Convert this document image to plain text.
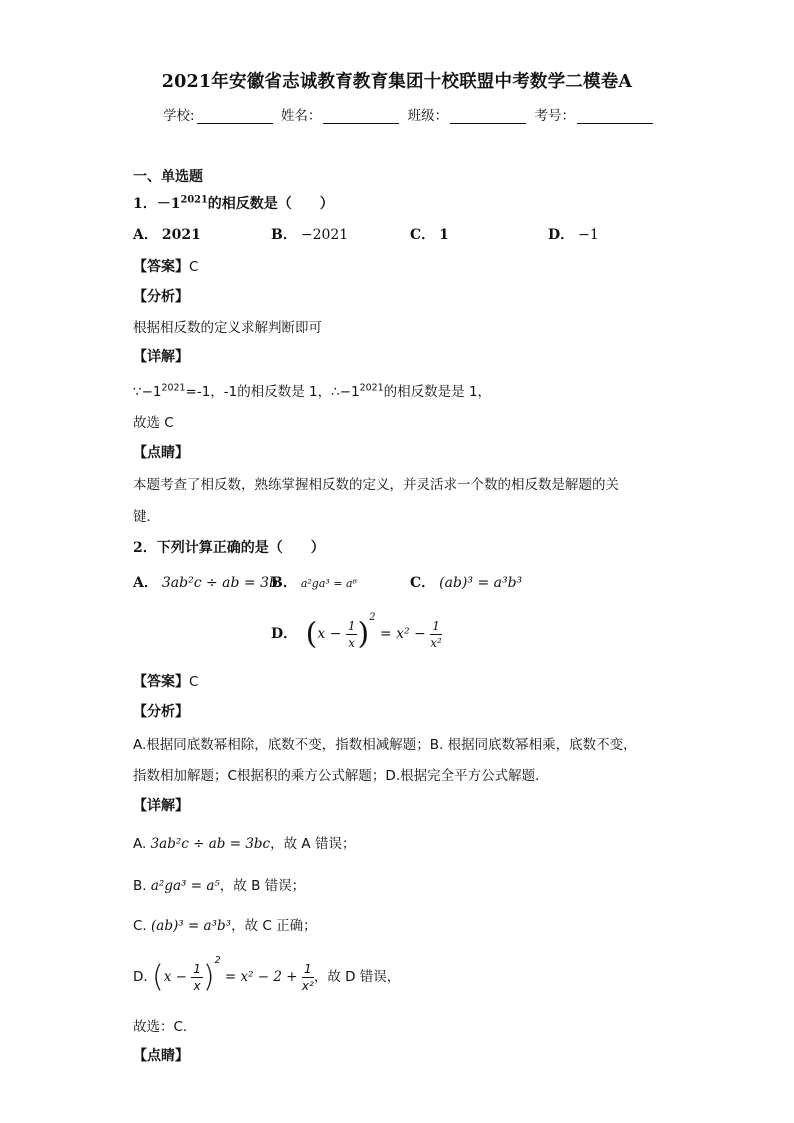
2021年安徽省志诚教育教育集团十校联盟中考数学二模卷A
学校:	姓名：	班级：	考号：
一、单选题
1．$-1^{2021}$的相反数是（　　）
A． 2021	B． −2021	C． 1	D． −1
【答案】C
【分析】
根据相反数的定义求解判断即可
【详解】
$\because-1^{2021}=-1$，-1的相反数是 1，$\therefore-1^{2021}$的相反数是是 1，
故选 C
【点睛】
本题考查了相反数，熟练掌握相反数的定义，并灵活求一个数的相反数是解题的关
键．
2．下列计算正确的是（　　）
A． 3ab²c ÷ ab = 3b
B． a²ga³ = a⁶	C． (ab)³ = a³b³
D． $(x - \frac{1}{x} )^2 = x^2 - \frac{1}{\text{x²}}$
【答案】C
【分析】
A.根据同底数幂相除，底数不变，指数相减解题；B. 根据同底数幂相乘，底数不变，
指数相加解题；C根据积的乘方公式解题；D.根据完全平方公式解题．
【详解】
A. 3ab²c ÷ ab = 3bc，故 A 错误；
B. a²ga³ = a⁵，故 B 错误；
C. (ab)³ = a³b³，故 C 正确；
D. $(x - \frac{1}{x} )^2 = x^2 - 2 + \frac{1}{\text{x²}}$ ，故 D 错误，
故选：C．
【点睛】
